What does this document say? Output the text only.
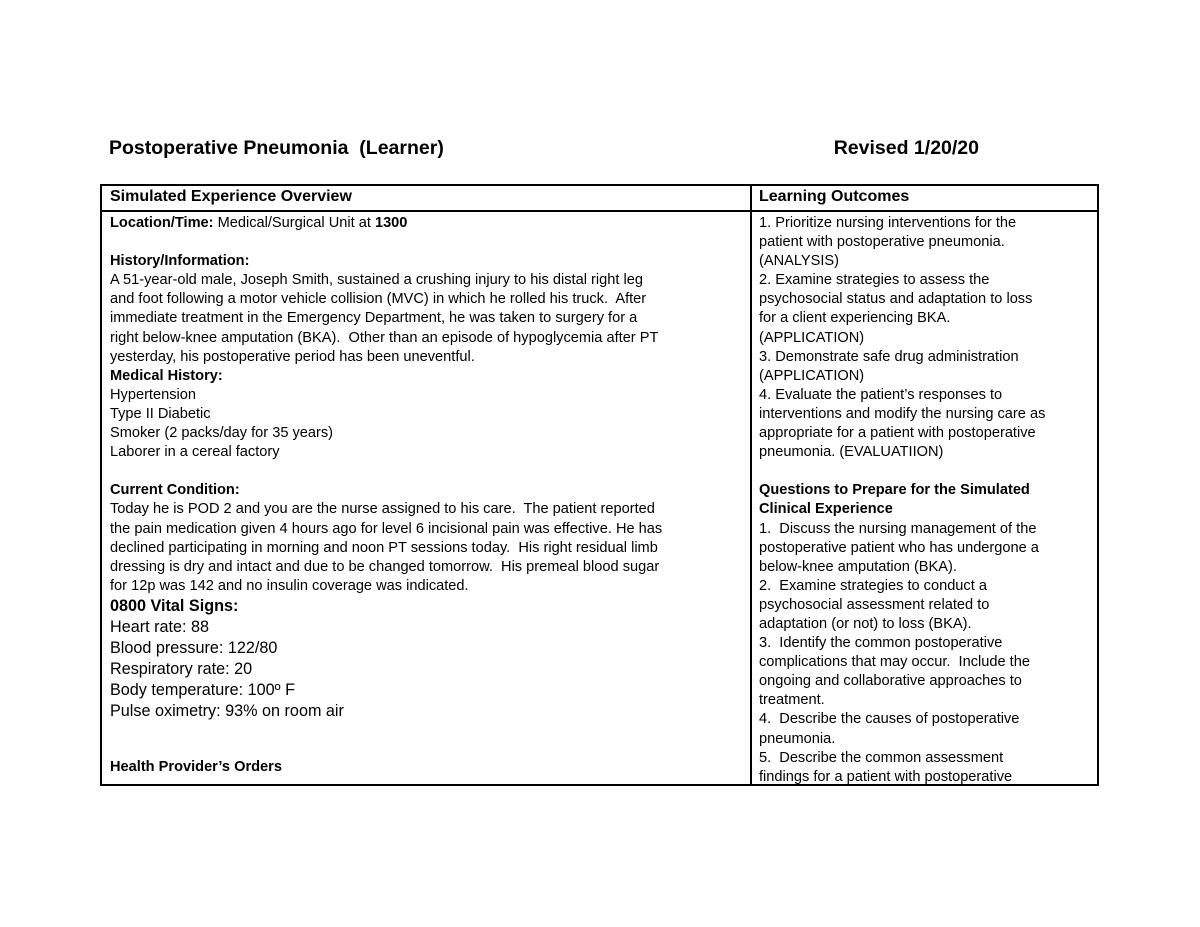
Postoperative Pneumonia  (Learner)	Revised 1/20/20
Simulated Experience Overview	Learning Outcomes
Location/Time: Medical/Surgical Unit at 1300
History/Information:
A 51-year-old male, Joseph Smith, sustained a crushing injury to his distal right leg
and foot following a motor vehicle collision (MVC) in which he rolled his truck.  After
immediate treatment in the Emergency Department, he was taken to surgery for a
right below-knee amputation (BKA).  Other than an episode of hypoglycemia after PT
yesterday, his postoperative period has been uneventful.
Medical History:
Hypertension
Type II Diabetic
Smoker (2 packs/day for 35 years)
Laborer in a cereal factory
Current Condition:
Today he is POD 2 and you are the nurse assigned to his care.  The patient reported
the pain medication given 4 hours ago for level 6 incisional pain was effective. He has
declined participating in morning and noon PT sessions today.  His right residual limb
dressing is dry and intact and due to be changed tomorrow.  His premeal blood sugar
for 12p was 142 and no insulin coverage was indicated.
0800 Vital Signs:
Heart rate: 88
Blood pressure: 122/80
Respiratory rate: 20
Body temperature: 100º F
Pulse oximetry: 93% on room air
Health Provider’s Orders
1. Prioritize nursing interventions for the
patient with postoperative pneumonia.
(ANALYSIS)
2. Examine strategies to assess the
psychosocial status and adaptation to loss
for a client experiencing BKA.
(APPLICATION)
3. Demonstrate safe drug administration
(APPLICATION)
4. Evaluate the patient’s responses to
interventions and modify the nursing care as
appropriate for a patient with postoperative
pneumonia. (EVALUATIION)
Questions to Prepare for the Simulated
Clinical Experience
1.  Discuss the nursing management of the
postoperative patient who has undergone a
below-knee amputation (BKA).
2.  Examine strategies to conduct a
psychosocial assessment related to
adaptation (or not) to loss (BKA).
3.  Identify the common postoperative
complications that may occur.  Include the
ongoing and collaborative approaches to
treatment.
4.  Describe the causes of postoperative
pneumonia.
5.  Describe the common assessment
findings for a patient with postoperative
